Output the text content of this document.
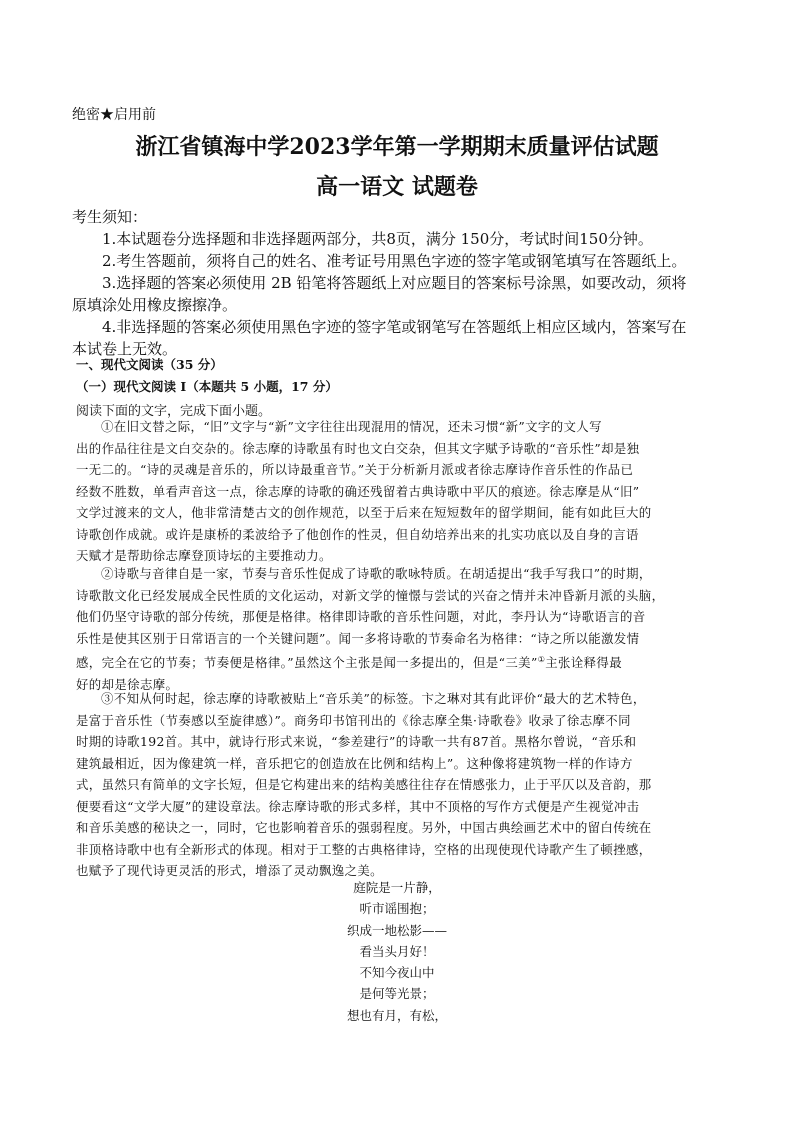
绝密★启用前
浙江省镇海中学2023学年第一学期期末质量评估试题
高一语文 试题卷
考生须知：
1.本试题卷分选择题和非选择题两部分，共8页，满分 150分，考试时间150分钟。
2.考生答题前，须将自己的姓名、准考证号用黑色字迹的签字笔或钢笔填写在答题纸上。
3.选择题的答案必须使用 2B 铅笔将答题纸上对应题目的答案标号涂黑，如要改动，须将
原填涂处用橡皮擦擦净。
4.非选择题的答案必须使用黑色字迹的签字笔或钢笔写在答题纸上相应区域内，答案写在
本试卷上无效。
一、现代文阅读（35 分）
（一）现代文阅读 I（本题共 5 小题，17 分）
阅读下面的文字，完成下面小题。
①在旧文替之际，“旧”文字与“新”文字往往出现混用的情况，还未习惯“新”文字的文人写
出的作品往往是文白交杂的。徐志摩的诗歌虽有时也文白交杂，但其文字赋予诗歌的“音乐性”却是独
一无二的。“诗的灵魂是音乐的，所以诗最重音节。”关于分析新月派或者徐志摩诗作音乐性的作品已
经数不胜数，单看声音这一点，徐志摩的诗歌的确还残留着古典诗歌中平仄的痕迹。徐志摩是从“旧”
文学过渡来的文人，他非常清楚古文的创作规范，以至于后来在短短数年的留学期间，能有如此巨大的
诗歌创作成就。或许是康桥的柔波给予了他创作的性灵，但自幼培养出来的扎实功底以及自身的言语
天赋才是帮助徐志摩登顶诗坛的主要推动力。
②诗歌与音律自是一家，节奏与音乐性促成了诗歌的歌咏特质。在胡适提出“我手写我口”的时期，
诗歌散文化已经发展成全民性质的文化运动，对新文学的憧憬与尝试的兴奋之情并未冲昏新月派的头脑，
他们仍坚守诗歌的部分传统，那便是格律。格律即诗歌的音乐性问题，对此，李丹认为“诗歌语言的音
乐性是使其区别于日常语言的一个关键问题”。闻一多将诗歌的节奏命名为格律：“诗之所以能激发情
感，完全在它的节奏；节奏便是格律。”虽然这个主张是闻一多提出的，但是“三美”①主张诠释得最
好的却是徐志摩。
③不知从何时起，徐志摩的诗歌被贴上“音乐美”的标签。卞之琳对其有此评价“最大的艺术特色，
是富于音乐性（节奏感以至旋律感）”。商务印书馆刊出的《徐志摩全集·诗歌卷》收录了徐志摩不同
时期的诗歌192首。其中，就诗行形式来说，“参差建行”的诗歌一共有87首。黑格尔曾说，“音乐和
建筑最相近，因为像建筑一样，音乐把它的创造放在比例和结构上”。这种像将建筑物一样的作诗方
式，虽然只有简单的文字长短，但是它构建出来的结构美感往往存在情感张力，止于平仄以及音韵，那
便要看这“文学大厦”的建设章法。徐志摩诗歌的形式多样，其中不顶格的写作方式便是产生视觉冲击
和音乐美感的秘诀之一，同时，它也影响着音乐的强弱程度。另外，中国古典绘画艺术中的留白传统在
非顶格诗歌中也有全新形式的体现。相对于工整的古典格律诗，空格的出现使现代诗歌产生了顿挫感，
也赋予了现代诗更灵活的形式，增添了灵动飘逸之美。
庭院是一片静，
听市谣围抱；
织成一地松影——
看当头月好！
不知今夜山中
是何等光景；
想也有月，有松，
